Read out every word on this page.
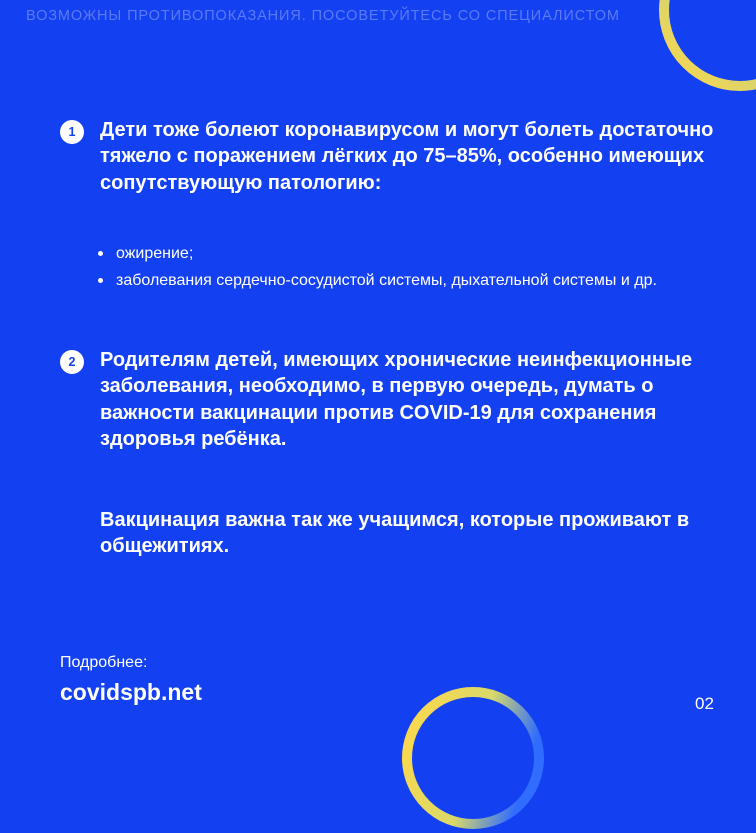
ВОЗМОЖНЫ ПРОТИВОПОКАЗАНИЯ. ПОСОВЕТУЙТЕСЬ СО СПЕЦИАЛИСТОМ
1	Дети тоже болеют коронавирусом и могут болеть достаточно тяжело с поражением лёгких до 75–85%, особенно имеющих сопутствующую патологию:

ожирение;
заболевания сердечно-сосудистой системы, дыхательной системы и др.
2	Родителям детей, имеющих хронические неинфекционные заболевания, необходимо, в первую очередь, думать о важности вакцинации против COVID-19 для сохранения здоровья ребёнка.

Вакцинация важна так же учащимся, которые проживают в общежитиях.

Подробнее:
covidspb.net	02
